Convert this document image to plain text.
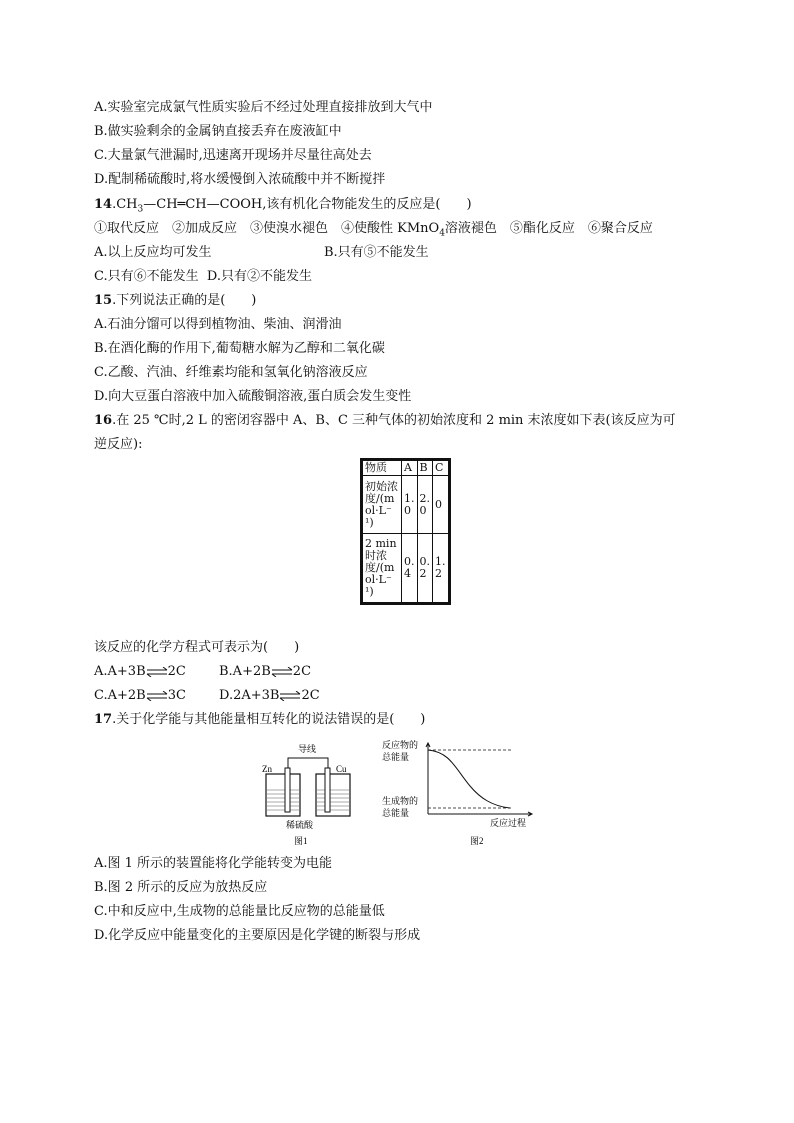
A.实验室完成氯气性质实验后不经过处理直接排放到大气中
B.做实验剩余的金属钠直接丢弃在废液缸中
C.大量氯气泄漏时,迅速离开现场并尽量往高处去
D.配制稀硫酸时,将水缓慢倒入浓硫酸中并不断搅拌
$14.CH_3—CH═CH—COOH$,该有机化合物能发生的反应是(　　)
①取代反应　②加成反应　③使溴水褪色　④使酸性 KMnO$_4$溶液褪色　⑤酯化反应　⑥聚合反应
A.以上反应均可发生	B.只有⑤不能发生
C.只有⑥不能发生 D.只有②不能发生
15.下列说法正确的是(　　)
A.石油分馏可以得到植物油、柴油、润滑油
B.在酒化酶的作用下,葡萄糖水解为乙醇和二氧化碳
C.乙酸、汽油、纤维素均能和氢氧化钠溶液反应
D.向大豆蛋白溶液中加入硫酸铜溶液,蛋白质会发生变性
16.在 25 ℃时,2 L 的密闭容器中 A、B、C 三种气体的初始浓度和 2 min 末浓度如下表(该反应为可
逆反应):
物质	A	B	C
初始浓度/(mol·L⁻¹)	1.0	2.0	0
2 min 时浓度/(mol·L⁻¹)	0.4	0.2	1.2
该反应的化学方程式可表示为(　　)
A.A+3B⇌2C	B.A+2B⇌2C
C.A+2B⇌3C	D.2A+3B⇌2C
17.关于化学能与其他能量相互转化的说法错误的是(　　)
导线
Zn	Cu
稀硫酸
图1
反应物的
总能量
生成物的
总能量
反应过程
图2
A.图 1 所示的装置能将化学能转变为电能
B.图 2 所示的反应为放热反应
C.中和反应中,生成物的总能量比反应物的总能量低
D.化学反应中能量变化的主要原因是化学键的断裂与形成
